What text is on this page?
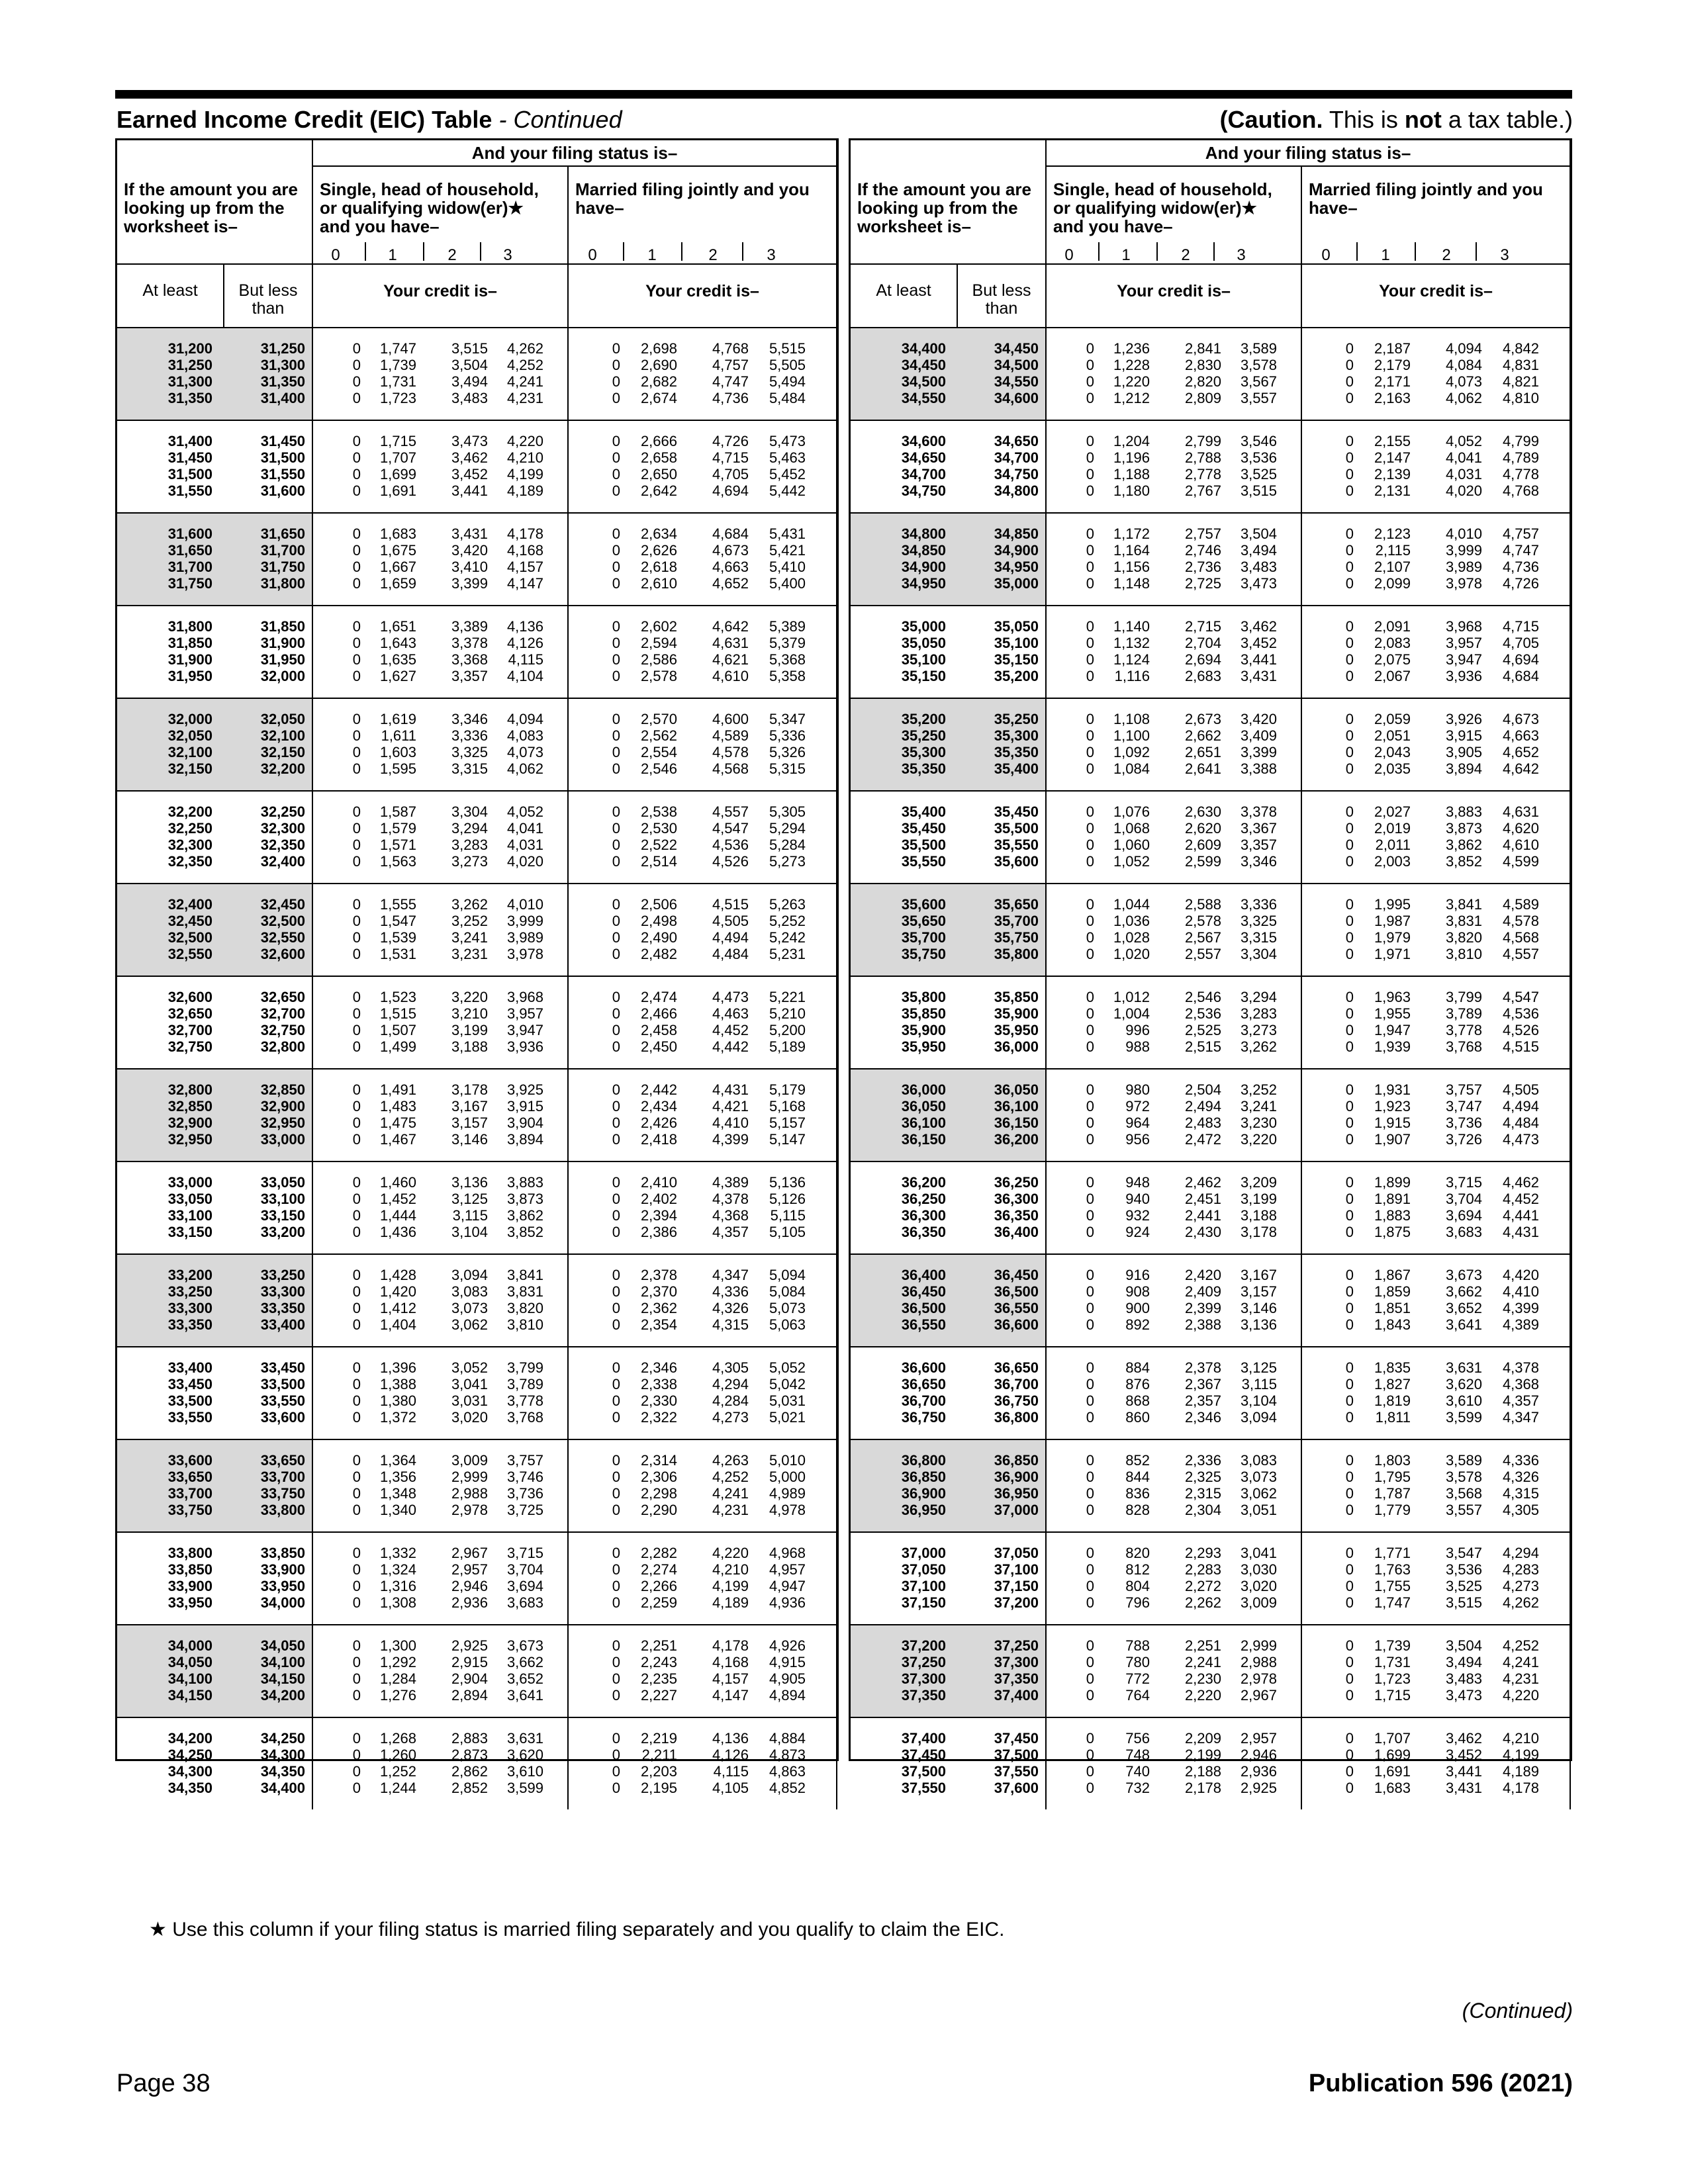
Earned Income Credit (EIC) Table - Continued	(Caution. This is not a tax table.)
And your filing status is–
If the amount you are looking up from the worksheet is–
Single, head of household, or qualifying widow(er)★ and you have–
Married filing jointly and you have–
0	1	2	3	0	1	2	3
At least	But less than
Your credit is–	Your credit is–
31,200	31,250	0	1,747	3,515	4,262	0	2,698	4,768	5,515
31,250	31,300	0	1,739	3,504	4,252	0	2,690	4,757	5,505
31,300	31,350	0	1,731	3,494	4,241	0	2,682	4,747	5,494
31,350	31,400	0	1,723	3,483	4,231	0	2,674	4,736	5,484
31,400	31,450	0	1,715	3,473	4,220	0	2,666	4,726	5,473
31,450	31,500	0	1,707	3,462	4,210	0	2,658	4,715	5,463
31,500	31,550	0	1,699	3,452	4,199	0	2,650	4,705	5,452
31,550	31,600	0	1,691	3,441	4,189	0	2,642	4,694	5,442
31,600	31,650	0	1,683	3,431	4,178	0	2,634	4,684	5,431
31,650	31,700	0	1,675	3,420	4,168	0	2,626	4,673	5,421
31,700	31,750	0	1,667	3,410	4,157	0	2,618	4,663	5,410
31,750	31,800	0	1,659	3,399	4,147	0	2,610	4,652	5,400
31,800	31,850	0	1,651	3,389	4,136	0	2,602	4,642	5,389
31,850	31,900	0	1,643	3,378	4,126	0	2,594	4,631	5,379
31,900	31,950	0	1,635	3,368	4,115	0	2,586	4,621	5,368
31,950	32,000	0	1,627	3,357	4,104	0	2,578	4,610	5,358
32,000	32,050	0	1,619	3,346	4,094	0	2,570	4,600	5,347
32,050	32,100	0	1,611	3,336	4,083	0	2,562	4,589	5,336
32,100	32,150	0	1,603	3,325	4,073	0	2,554	4,578	5,326
32,150	32,200	0	1,595	3,315	4,062	0	2,546	4,568	5,315
32,200	32,250	0	1,587	3,304	4,052	0	2,538	4,557	5,305
32,250	32,300	0	1,579	3,294	4,041	0	2,530	4,547	5,294
32,300	32,350	0	1,571	3,283	4,031	0	2,522	4,536	5,284
32,350	32,400	0	1,563	3,273	4,020	0	2,514	4,526	5,273
32,400	32,450	0	1,555	3,262	4,010	0	2,506	4,515	5,263
32,450	32,500	0	1,547	3,252	3,999	0	2,498	4,505	5,252
32,500	32,550	0	1,539	3,241	3,989	0	2,490	4,494	5,242
32,550	32,600	0	1,531	3,231	3,978	0	2,482	4,484	5,231
32,600	32,650	0	1,523	3,220	3,968	0	2,474	4,473	5,221
32,650	32,700	0	1,515	3,210	3,957	0	2,466	4,463	5,210
32,700	32,750	0	1,507	3,199	3,947	0	2,458	4,452	5,200
32,750	32,800	0	1,499	3,188	3,936	0	2,450	4,442	5,189
32,800	32,850	0	1,491	3,178	3,925	0	2,442	4,431	5,179
32,850	32,900	0	1,483	3,167	3,915	0	2,434	4,421	5,168
32,900	32,950	0	1,475	3,157	3,904	0	2,426	4,410	5,157
32,950	33,000	0	1,467	3,146	3,894	0	2,418	4,399	5,147
33,000	33,050	0	1,460	3,136	3,883	0	2,410	4,389	5,136
33,050	33,100	0	1,452	3,125	3,873	0	2,402	4,378	5,126
33,100	33,150	0	1,444	3,115	3,862	0	2,394	4,368	5,115
33,150	33,200	0	1,436	3,104	3,852	0	2,386	4,357	5,105
33,200	33,250	0	1,428	3,094	3,841	0	2,378	4,347	5,094
33,250	33,300	0	1,420	3,083	3,831	0	2,370	4,336	5,084
33,300	33,350	0	1,412	3,073	3,820	0	2,362	4,326	5,073
33,350	33,400	0	1,404	3,062	3,810	0	2,354	4,315	5,063
33,400	33,450	0	1,396	3,052	3,799	0	2,346	4,305	5,052
33,450	33,500	0	1,388	3,041	3,789	0	2,338	4,294	5,042
33,500	33,550	0	1,380	3,031	3,778	0	2,330	4,284	5,031
33,550	33,600	0	1,372	3,020	3,768	0	2,322	4,273	5,021
33,600	33,650	0	1,364	3,009	3,757	0	2,314	4,263	5,010
33,650	33,700	0	1,356	2,999	3,746	0	2,306	4,252	5,000
33,700	33,750	0	1,348	2,988	3,736	0	2,298	4,241	4,989
33,750	33,800	0	1,340	2,978	3,725	0	2,290	4,231	4,978
33,800	33,850	0	1,332	2,967	3,715	0	2,282	4,220	4,968
33,850	33,900	0	1,324	2,957	3,704	0	2,274	4,210	4,957
33,900	33,950	0	1,316	2,946	3,694	0	2,266	4,199	4,947
33,950	34,000	0	1,308	2,936	3,683	0	2,259	4,189	4,936
34,000	34,050	0	1,300	2,925	3,673	0	2,251	4,178	4,926
34,050	34,100	0	1,292	2,915	3,662	0	2,243	4,168	4,915
34,100	34,150	0	1,284	2,904	3,652	0	2,235	4,157	4,905
34,150	34,200	0	1,276	2,894	3,641	0	2,227	4,147	4,894
34,200	34,250	0	1,268	2,883	3,631	0	2,219	4,136	4,884
34,250	34,300	0	1,260	2,873	3,620	0	2,211	4,126	4,873
34,300	34,350	0	1,252	2,862	3,610	0	2,203	4,115	4,863
34,350	34,400	0	1,244	2,852	3,599	0	2,195	4,105	4,852
And your filing status is–
If the amount you are looking up from the worksheet is–
Single, head of household, or qualifying widow(er)★ and you have–
Married filing jointly and you have–
0	1	2	3	0	1	2	3
At least	But less than
Your credit is–	Your credit is–
34,400	34,450	0	1,236	2,841	3,589	0	2,187	4,094	4,842
34,450	34,500	0	1,228	2,830	3,578	0	2,179	4,084	4,831
34,500	34,550	0	1,220	2,820	3,567	0	2,171	4,073	4,821
34,550	34,600	0	1,212	2,809	3,557	0	2,163	4,062	4,810
34,600	34,650	0	1,204	2,799	3,546	0	2,155	4,052	4,799
34,650	34,700	0	1,196	2,788	3,536	0	2,147	4,041	4,789
34,700	34,750	0	1,188	2,778	3,525	0	2,139	4,031	4,778
34,750	34,800	0	1,180	2,767	3,515	0	2,131	4,020	4,768
34,800	34,850	0	1,172	2,757	3,504	0	2,123	4,010	4,757
34,850	34,900	0	1,164	2,746	3,494	0	2,115	3,999	4,747
34,900	34,950	0	1,156	2,736	3,483	0	2,107	3,989	4,736
34,950	35,000	0	1,148	2,725	3,473	0	2,099	3,978	4,726
35,000	35,050	0	1,140	2,715	3,462	0	2,091	3,968	4,715
35,050	35,100	0	1,132	2,704	3,452	0	2,083	3,957	4,705
35,100	35,150	0	1,124	2,694	3,441	0	2,075	3,947	4,694
35,150	35,200	0	1,116	2,683	3,431	0	2,067	3,936	4,684
35,200	35,250	0	1,108	2,673	3,420	0	2,059	3,926	4,673
35,250	35,300	0	1,100	2,662	3,409	0	2,051	3,915	4,663
35,300	35,350	0	1,092	2,651	3,399	0	2,043	3,905	4,652
35,350	35,400	0	1,084	2,641	3,388	0	2,035	3,894	4,642
35,400	35,450	0	1,076	2,630	3,378	0	2,027	3,883	4,631
35,450	35,500	0	1,068	2,620	3,367	0	2,019	3,873	4,620
35,500	35,550	0	1,060	2,609	3,357	0	2,011	3,862	4,610
35,550	35,600	0	1,052	2,599	3,346	0	2,003	3,852	4,599
35,600	35,650	0	1,044	2,588	3,336	0	1,995	3,841	4,589
35,650	35,700	0	1,036	2,578	3,325	0	1,987	3,831	4,578
35,700	35,750	0	1,028	2,567	3,315	0	1,979	3,820	4,568
35,750	35,800	0	1,020	2,557	3,304	0	1,971	3,810	4,557
35,800	35,850	0	1,012	2,546	3,294	0	1,963	3,799	4,547
35,850	35,900	0	1,004	2,536	3,283	0	1,955	3,789	4,536
35,900	35,950	0	996	2,525	3,273	0	1,947	3,778	4,526
35,950	36,000	0	988	2,515	3,262	0	1,939	3,768	4,515
36,000	36,050	0	980	2,504	3,252	0	1,931	3,757	4,505
36,050	36,100	0	972	2,494	3,241	0	1,923	3,747	4,494
36,100	36,150	0	964	2,483	3,230	0	1,915	3,736	4,484
36,150	36,200	0	956	2,472	3,220	0	1,907	3,726	4,473
36,200	36,250	0	948	2,462	3,209	0	1,899	3,715	4,462
36,250	36,300	0	940	2,451	3,199	0	1,891	3,704	4,452
36,300	36,350	0	932	2,441	3,188	0	1,883	3,694	4,441
36,350	36,400	0	924	2,430	3,178	0	1,875	3,683	4,431
36,400	36,450	0	916	2,420	3,167	0	1,867	3,673	4,420
36,450	36,500	0	908	2,409	3,157	0	1,859	3,662	4,410
36,500	36,550	0	900	2,399	3,146	0	1,851	3,652	4,399
36,550	36,600	0	892	2,388	3,136	0	1,843	3,641	4,389
36,600	36,650	0	884	2,378	3,125	0	1,835	3,631	4,378
36,650	36,700	0	876	2,367	3,115	0	1,827	3,620	4,368
36,700	36,750	0	868	2,357	3,104	0	1,819	3,610	4,357
36,750	36,800	0	860	2,346	3,094	0	1,811	3,599	4,347
36,800	36,850	0	852	2,336	3,083	0	1,803	3,589	4,336
36,850	36,900	0	844	2,325	3,073	0	1,795	3,578	4,326
36,900	36,950	0	836	2,315	3,062	0	1,787	3,568	4,315
36,950	37,000	0	828	2,304	3,051	0	1,779	3,557	4,305
37,000	37,050	0	820	2,293	3,041	0	1,771	3,547	4,294
37,050	37,100	0	812	2,283	3,030	0	1,763	3,536	4,283
37,100	37,150	0	804	2,272	3,020	0	1,755	3,525	4,273
37,150	37,200	0	796	2,262	3,009	0	1,747	3,515	4,262
37,200	37,250	0	788	2,251	2,999	0	1,739	3,504	4,252
37,250	37,300	0	780	2,241	2,988	0	1,731	3,494	4,241
37,300	37,350	0	772	2,230	2,978	0	1,723	3,483	4,231
37,350	37,400	0	764	2,220	2,967	0	1,715	3,473	4,220
37,400	37,450	0	756	2,209	2,957	0	1,707	3,462	4,210
37,450	37,500	0	748	2,199	2,946	0	1,699	3,452	4,199
37,500	37,550	0	740	2,188	2,936	0	1,691	3,441	4,189
37,550	37,600	0	732	2,178	2,925	0	1,683	3,431	4,178
★ Use this column if your filing status is married filing separately and you qualify to claim the EIC.
(Continued)
Page 38	Publication 596 (2021)
